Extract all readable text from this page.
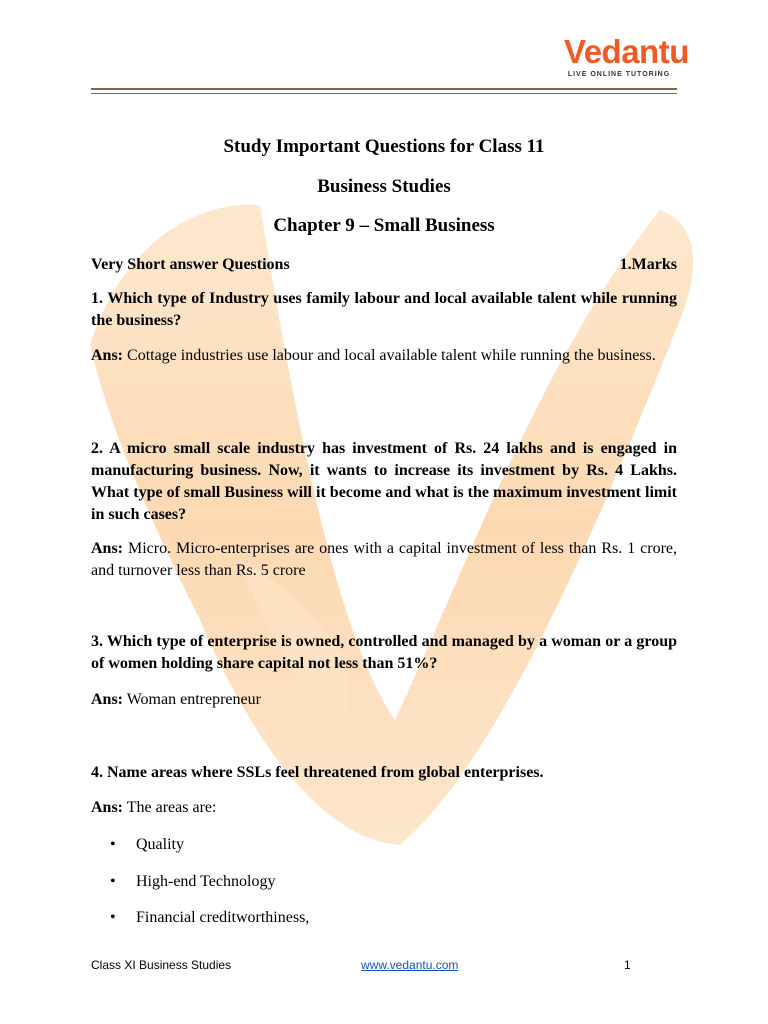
Vedantu
LIVE ONLINE TUTORING
Study Important Questions for Class 11
Business Studies
Chapter 9 – Small Business
Very Short answer Questions	1.Marks
1. Which type of Industry uses family labour and local available talent while running the business?
Ans: Cottage industries use labour and local available talent while running the business.
2. A micro small scale industry has investment of Rs. 24 lakhs and is engaged in manufacturing business. Now, it wants to increase its investment by Rs. 4 Lakhs. What type of small Business will it become and what is the maximum investment limit in such cases?
Ans: Micro. Micro-enterprises are ones with a capital investment of less than Rs. 1 crore, and turnover less than Rs. 5 crore
3. Which type of enterprise is owned, controlled and managed by a woman or a group of women holding share capital not less than 51%?
Ans: Woman entrepreneur
4. Name areas where SSLs feel threatened from global enterprises.
Ans: The areas are:
• Quality
• High-end Technology
• Financial creditworthiness,
Class XI Business Studies	www.vedantu.com	1
